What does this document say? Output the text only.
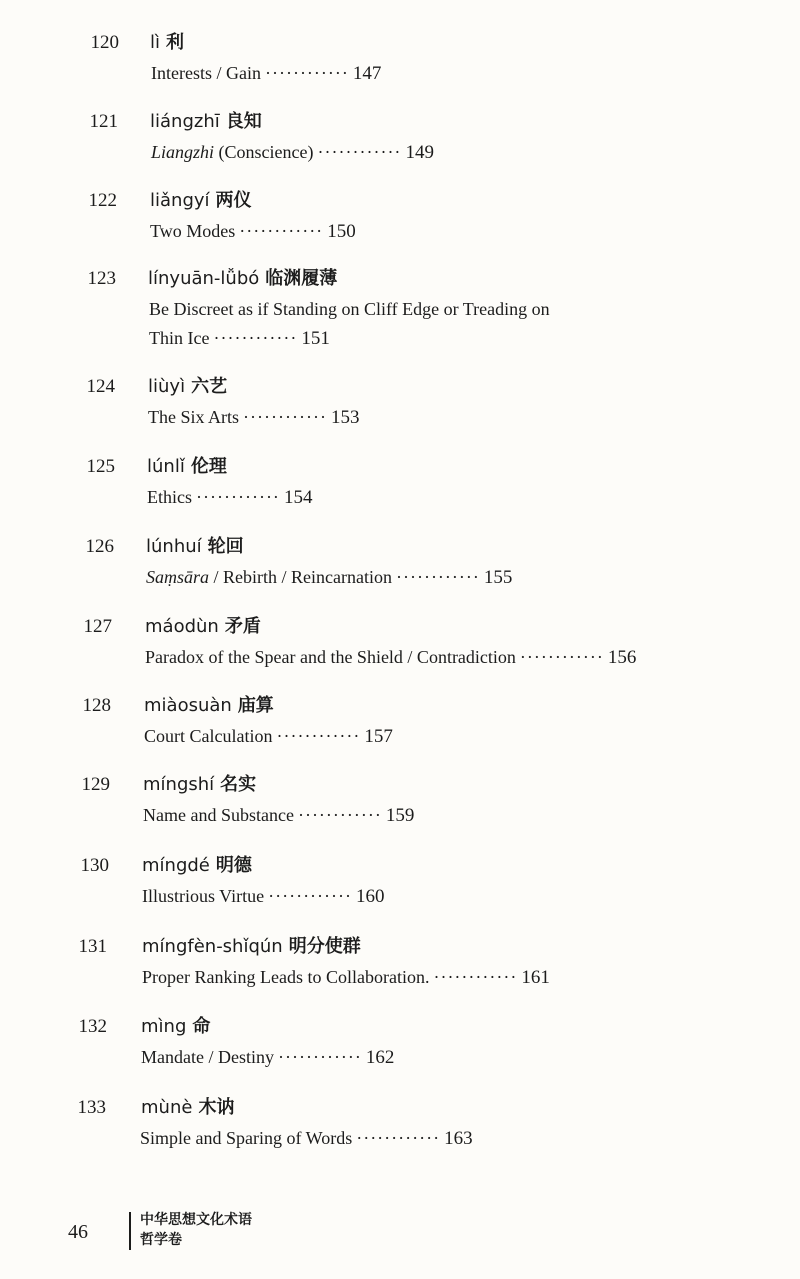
120 lì 利
Interests / Gain ············ 147
121 liángzhī 良知
Liangzhi (Conscience) ············ 149
122 liǎngyí 两仪
Two Modes ············ 150
123 línyuān-lǚbó 临渊履薄
Be Discreet as if Standing on Cliff Edge or Treading on
Thin Ice ············ 151
124 liùyì 六艺
The Six Arts ············ 153
125 lúnlǐ 伦理
Ethics ············ 154
126 lúnhuí 轮回
Saṃsāra / Rebirth / Reincarnation ············ 155
127 máodùn 矛盾
Paradox of the Spear and the Shield / Contradiction ············ 156
128 miàosuàn 庙算
Court Calculation ············ 157
129 míngshí 名实
Name and Substance ············ 159
130 míngdé 明德
Illustrious Virtue ············ 160
131 míngfèn-shǐqún 明分使群
Proper Ranking Leads to Collaboration. ············ 161
132 mìng 命
Mandate / Destiny ············ 162
133 mùnè 木讷
Simple and Sparing of Words ············ 163
46
中华思想文化术语
哲学卷
